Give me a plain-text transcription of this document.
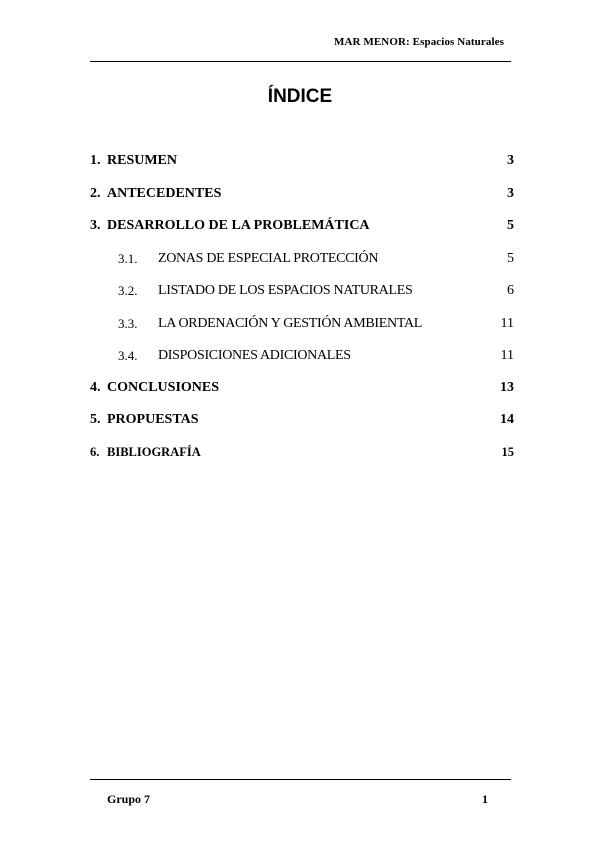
MAR MENOR: Espacios Naturales
ÍNDICE
1. RESUMEN	3
2. ANTECEDENTES	3
3. DESARROLLO DE LA PROBLEMÁTICA	5
3.1. ZONAS DE ESPECIAL PROTECCIÓN	5
3.2. LISTADO DE LOS ESPACIOS NATURALES	6
3.3. LA ORDENACIÓN Y GESTIÓN AMBIENTAL	11
3.4. DISPOSICIONES ADICIONALES	11
4. CONCLUSIONES	13
5. PROPUESTAS	14
6. BIBLIOGRAFÍA	15
Grupo 7	1
